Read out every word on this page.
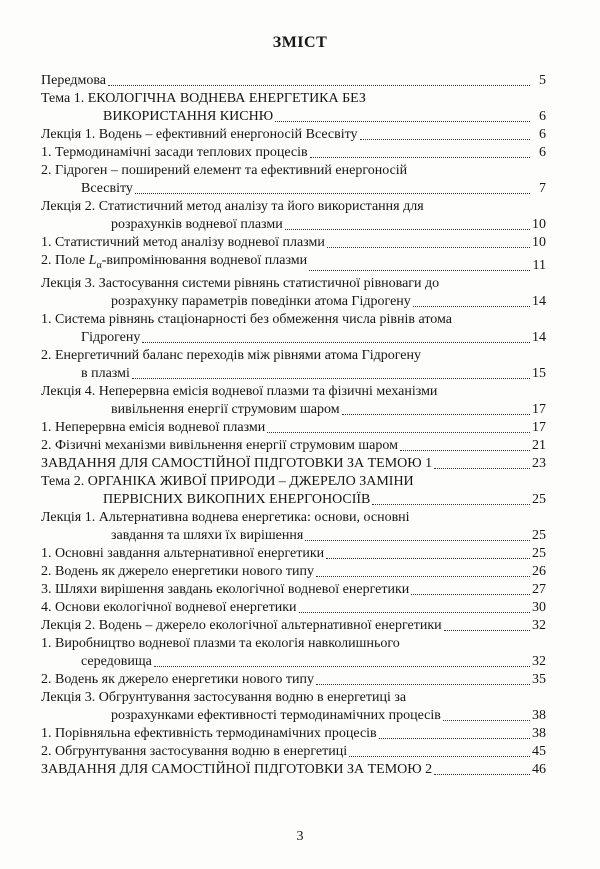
ЗМІСТ
Передмова	5
Тема 1. ЕКОЛОГІЧНА ВОДНЕВА ЕНЕРГЕТИКА БЕЗ
ВИКОРИСТАННЯ КИСНЮ	6
Лекція 1. Водень – ефективний енергоносій Всесвіту	6
1. Термодинамічні засади теплових процесів	6
2. Гідроген – поширений елемент та ефективний енергоносій
Всесвіту	7
Лекція 2. Статистичний метод аналізу та його використання для
розрахунків водневої плазми	10
1. Статистичний метод аналізу водневої плазми	10
2. Поле $L_\alpha$-випромінювання водневої плазми	11
Лекція 3. Застосування системи рівнянь статистичної рівноваги до
розрахунку параметрів поведінки атома Гідрогену	14
1. Система рівнянь стаціонарності без обмеження числа рівнів атома
Гідрогену	14
2. Енергетичний баланс переходів між рівнями атома Гідрогену
в плазмі	15
Лекція 4. Неперервна емісія водневої плазми та фізичні механізми
вивільнення енергії струмовим шаром	17
1. Неперервна емісія водневої плазми	17
2. Фізичні механізми вивільнення енергії струмовим шаром	21
ЗАВДАННЯ ДЛЯ САМОСТІЙНОЇ ПІДГОТОВКИ ЗА ТЕМОЮ 1	23
Тема 2. ОРГАНІКА ЖИВОЇ ПРИРОДИ – ДЖЕРЕЛО ЗАМІНИ
ПЕРВІСНИХ ВИКОПНИХ ЕНЕРГОНОСІЇВ	25
Лекція 1. Альтернативна воднева енергетика: основи, основні
завдання та шляхи їх вирішення	25
1. Основні завдання альтернативної енергетики	25
2. Водень як джерело енергетики нового типу	26
3. Шляхи вирішення завдань екологічної водневої енергетики	27
4. Основи екологічної водневої енергетики	30
Лекція 2. Водень – джерело екологічної альтернативної енергетики	32
1. Виробництво водневої плазми та екологія навколишнього
середовища	32
2. Водень як джерело енергетики нового типу	35
Лекція 3. Обгрунтування застосування водню в енергетиці за
розрахунками ефективності термодинамічних процесів	38
1. Порівняльна ефективність термодинамічних процесів	38
2. Обгрунтування застосування водню в енергетиці	45
ЗАВДАННЯ ДЛЯ САМОСТІЙНОЇ ПІДГОТОВКИ ЗА ТЕМОЮ 2	46
3
